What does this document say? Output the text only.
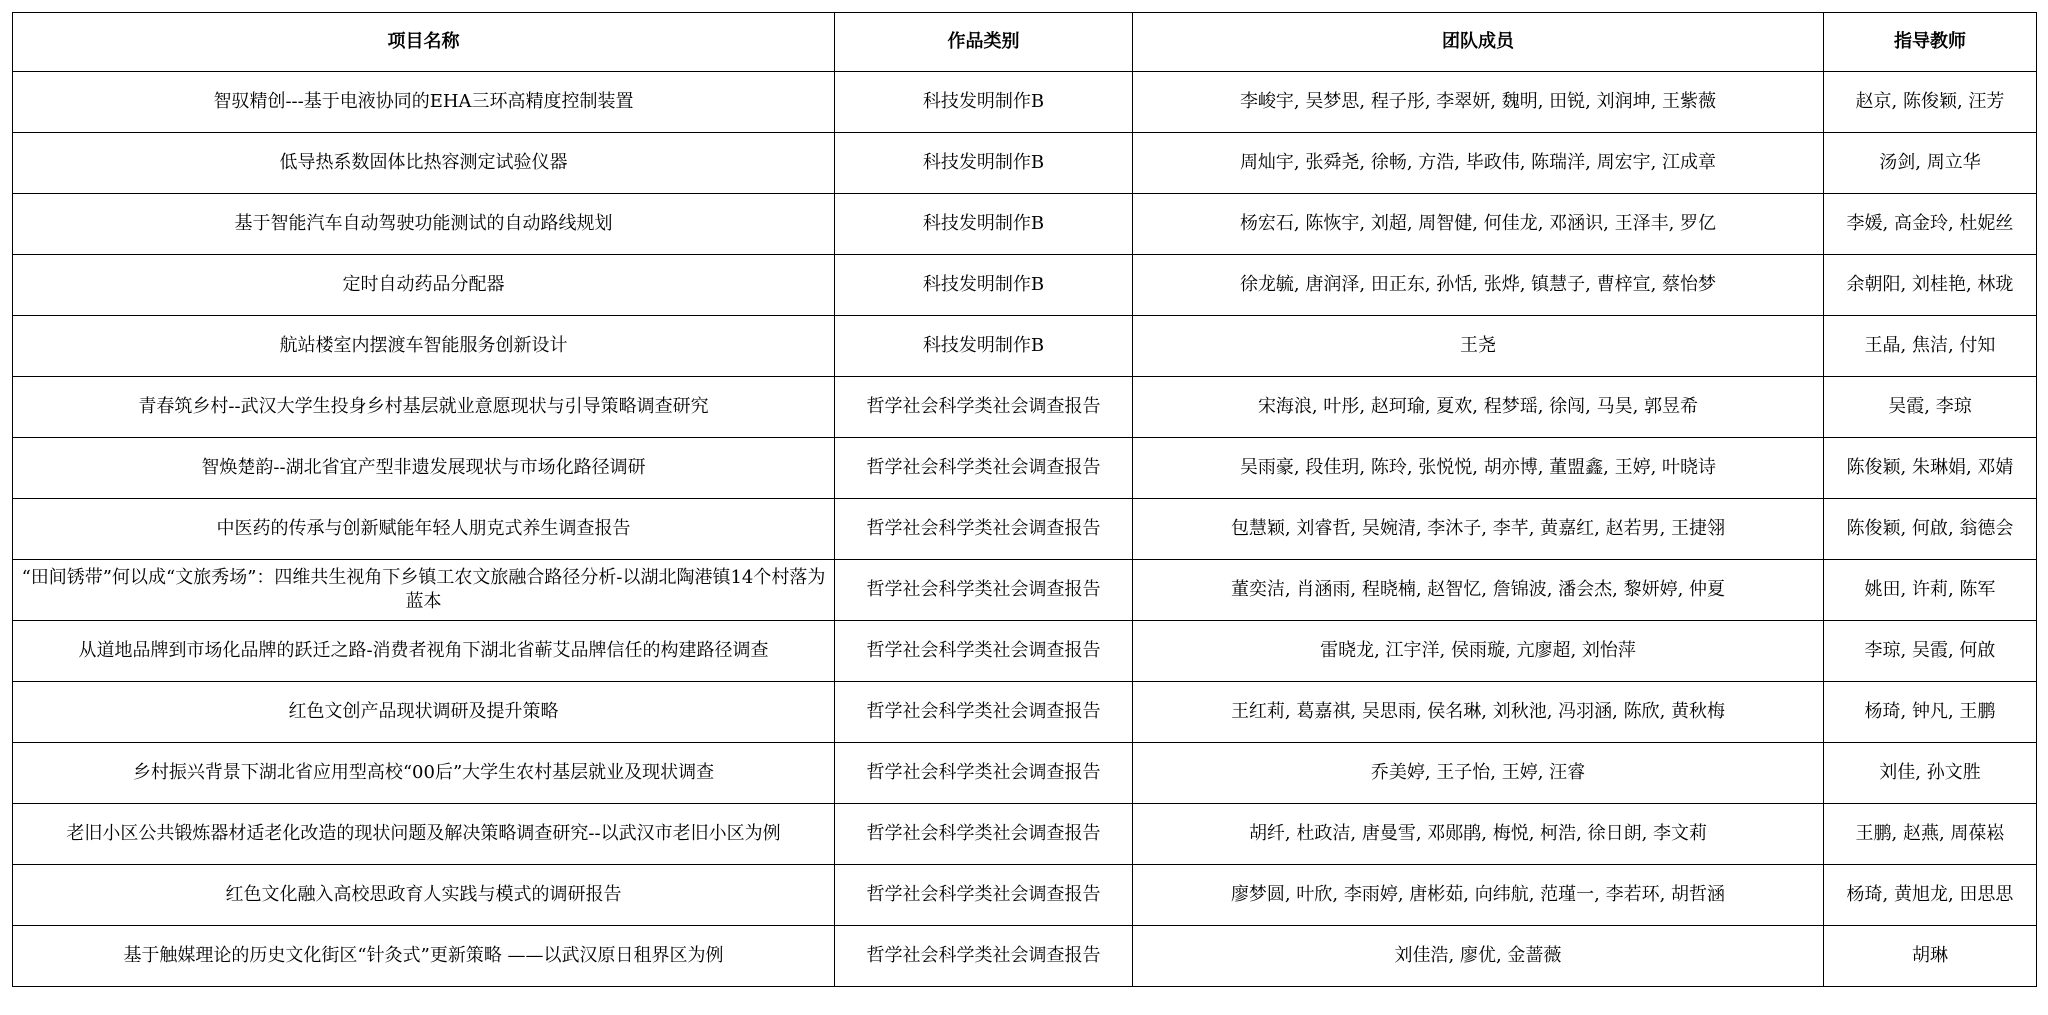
项目名称	作品类别	团队成员	指导教师
智驭精创---基于电液协同的EHA三环高精度控制装置	科技发明制作B	李峻宇, 吴梦思, 程子彤, 李翠妍, 魏明, 田锐, 刘润坤, 王紫薇	赵京, 陈俊颖, 汪芳
低导热系数固体比热容测定试验仪器	科技发明制作B	周灿宇, 张舜尧, 徐畅, 方浩, 毕政伟, 陈瑞洋, 周宏宇, 江成章	汤剑, 周立华
基于智能汽车自动驾驶功能测试的自动路线规划	科技发明制作B	杨宏石, 陈恢宇, 刘超, 周智健, 何佳龙, 邓涵识, 王泽丰, 罗亿	李媛, 高金玲, 杜妮丝
定时自动药品分配器	科技发明制作B	徐龙毓, 唐润泽, 田正东, 孙恬, 张烨, 镇慧子, 曹梓宣, 蔡怡梦	余朝阳, 刘桂艳, 林珑
航站楼室内摆渡车智能服务创新设计	科技发明制作B	王尧	王晶, 焦洁, 付知
青春筑乡村--武汉大学生投身乡村基层就业意愿现状与引导策略调查研究	哲学社会科学类社会调查报告	宋海浪, 叶彤, 赵珂瑜, 夏欢, 程梦瑶, 徐闯, 马昊, 郭昱希	吴霞, 李琼
智焕楚韵--湖北省宜产型非遗发展现状与市场化路径调研	哲学社会科学类社会调查报告	吴雨豪, 段佳玥, 陈玲, 张悦悦, 胡亦博, 董盟鑫, 王婷, 叶晓诗	陈俊颖, 朱琳娟, 邓婧
中医药的传承与创新赋能年轻人朋克式养生调查报告	哲学社会科学类社会调查报告	包慧颖, 刘睿哲, 吴婉清, 李沐子, 李芊, 黄嘉红, 赵若男, 王捷翎	陈俊颖, 何啟, 翁德会
“田间锈带”何以成“文旅秀场”：四维共生视角下乡镇工农文旅融合路径分析-以湖北陶港镇14个村落为蓝本	哲学社会科学类社会调查报告	董奕洁, 肖涵雨, 程晓楠, 赵智忆, 詹锦波, 潘会杰, 黎妍婷, 仲夏	姚田, 许莉, 陈军
从道地品牌到市场化品牌的跃迁之路-消费者视角下湖北省蕲艾品牌信任的构建路径调查	哲学社会科学类社会调查报告	雷晓龙, 江宇洋, 侯雨璇, 亢廖超, 刘怡萍	李琼, 吴霞, 何啟
红色文创产品现状调研及提升策略	哲学社会科学类社会调查报告	王红莉, 葛嘉祺, 吴思雨, 侯名琳, 刘秋池, 冯羽涵, 陈欣, 黄秋梅	杨琦, 钟凡, 王鹏
乡村振兴背景下湖北省应用型高校“00后”大学生农村基层就业及现状调查	哲学社会科学类社会调查报告	乔美婷, 王子怡, 王婷, 汪睿	刘佳, 孙文胜
老旧小区公共锻炼器材适老化改造的现状问题及解决策略调查研究--以武汉市老旧小区为例	哲学社会科学类社会调查报告	胡纤, 杜政洁, 唐曼雪, 邓郧鹃, 梅悦, 柯浩, 徐日朗, 李文莉	王鹏, 赵燕, 周葆崧
红色文化融入高校思政育人实践与模式的调研报告	哲学社会科学类社会调查报告	廖梦圆, 叶欣, 李雨婷, 唐彬茹, 向纬航, 范瑾一, 李若环, 胡哲涵	杨琦, 黄旭龙, 田思思
基于触媒理论的历史文化街区“针灸式”更新策略 ——以武汉原日租界区为例	哲学社会科学类社会调查报告	刘佳浩, 廖优, 金蔷薇	胡琳
